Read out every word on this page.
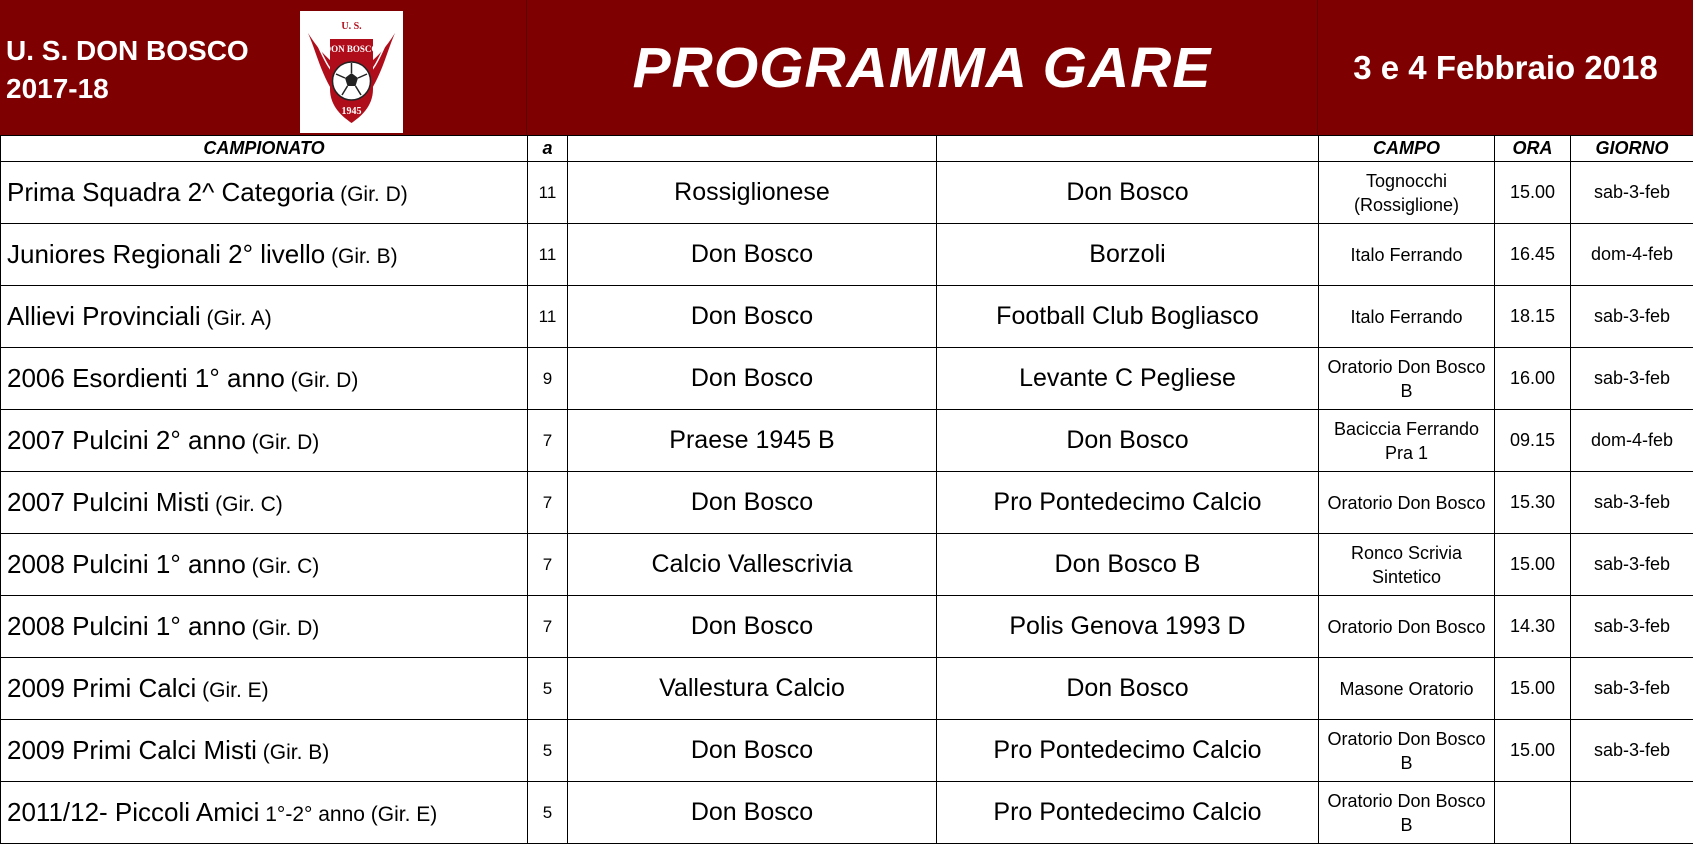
U. S. DON BOSCO
2017-18
U. S.
DON BOSCO
1945
PROGRAMMA GARE	3 e 4 Febbraio 2018
CAMPIONATO	a			CAMPO	ORA	GIORNO
Prima Squadra 2^ Categoria (Gir. D)	11	Rossiglionese	Don Bosco	Tognocchi (Rossiglione)	15.00	sab-3-feb
Juniores Regionali 2° livello (Gir. B)	11	Don Bosco	Borzoli	Italo Ferrando	16.45	dom-4-feb
Allievi Provinciali (Gir. A)	11	Don Bosco	Football Club Bogliasco	Italo Ferrando	18.15	sab-3-feb
2006 Esordienti 1° anno (Gir. D)	9	Don Bosco	Levante C Pegliese	Oratorio Don Bosco B	16.00	sab-3-feb
2007 Pulcini 2° anno (Gir. D)	7	Praese 1945 B	Don Bosco	Baciccia Ferrando Pra 1	09.15	dom-4-feb
2007 Pulcini Misti (Gir. C)	7	Don Bosco	Pro Pontedecimo Calcio	Oratorio Don Bosco	15.30	sab-3-feb
2008 Pulcini 1° anno (Gir. C)	7	Calcio Vallescrivia	Don Bosco B	Ronco Scrivia Sintetico	15.00	sab-3-feb
2008 Pulcini 1° anno (Gir. D)	7	Don Bosco	Polis Genova 1993 D	Oratorio Don Bosco	14.30	sab-3-feb
2009 Primi Calci (Gir. E)	5	Vallestura Calcio	Don Bosco	Masone Oratorio	15.00	sab-3-feb
2009 Primi Calci Misti (Gir. B)	5	Don Bosco	Pro Pontedecimo Calcio	Oratorio Don Bosco B	15.00	sab-3-feb
2011/12- Piccoli Amici 1°-2° anno (Gir. E)	5	Don Bosco	Pro Pontedecimo Calcio	Oratorio Don Bosco B		
